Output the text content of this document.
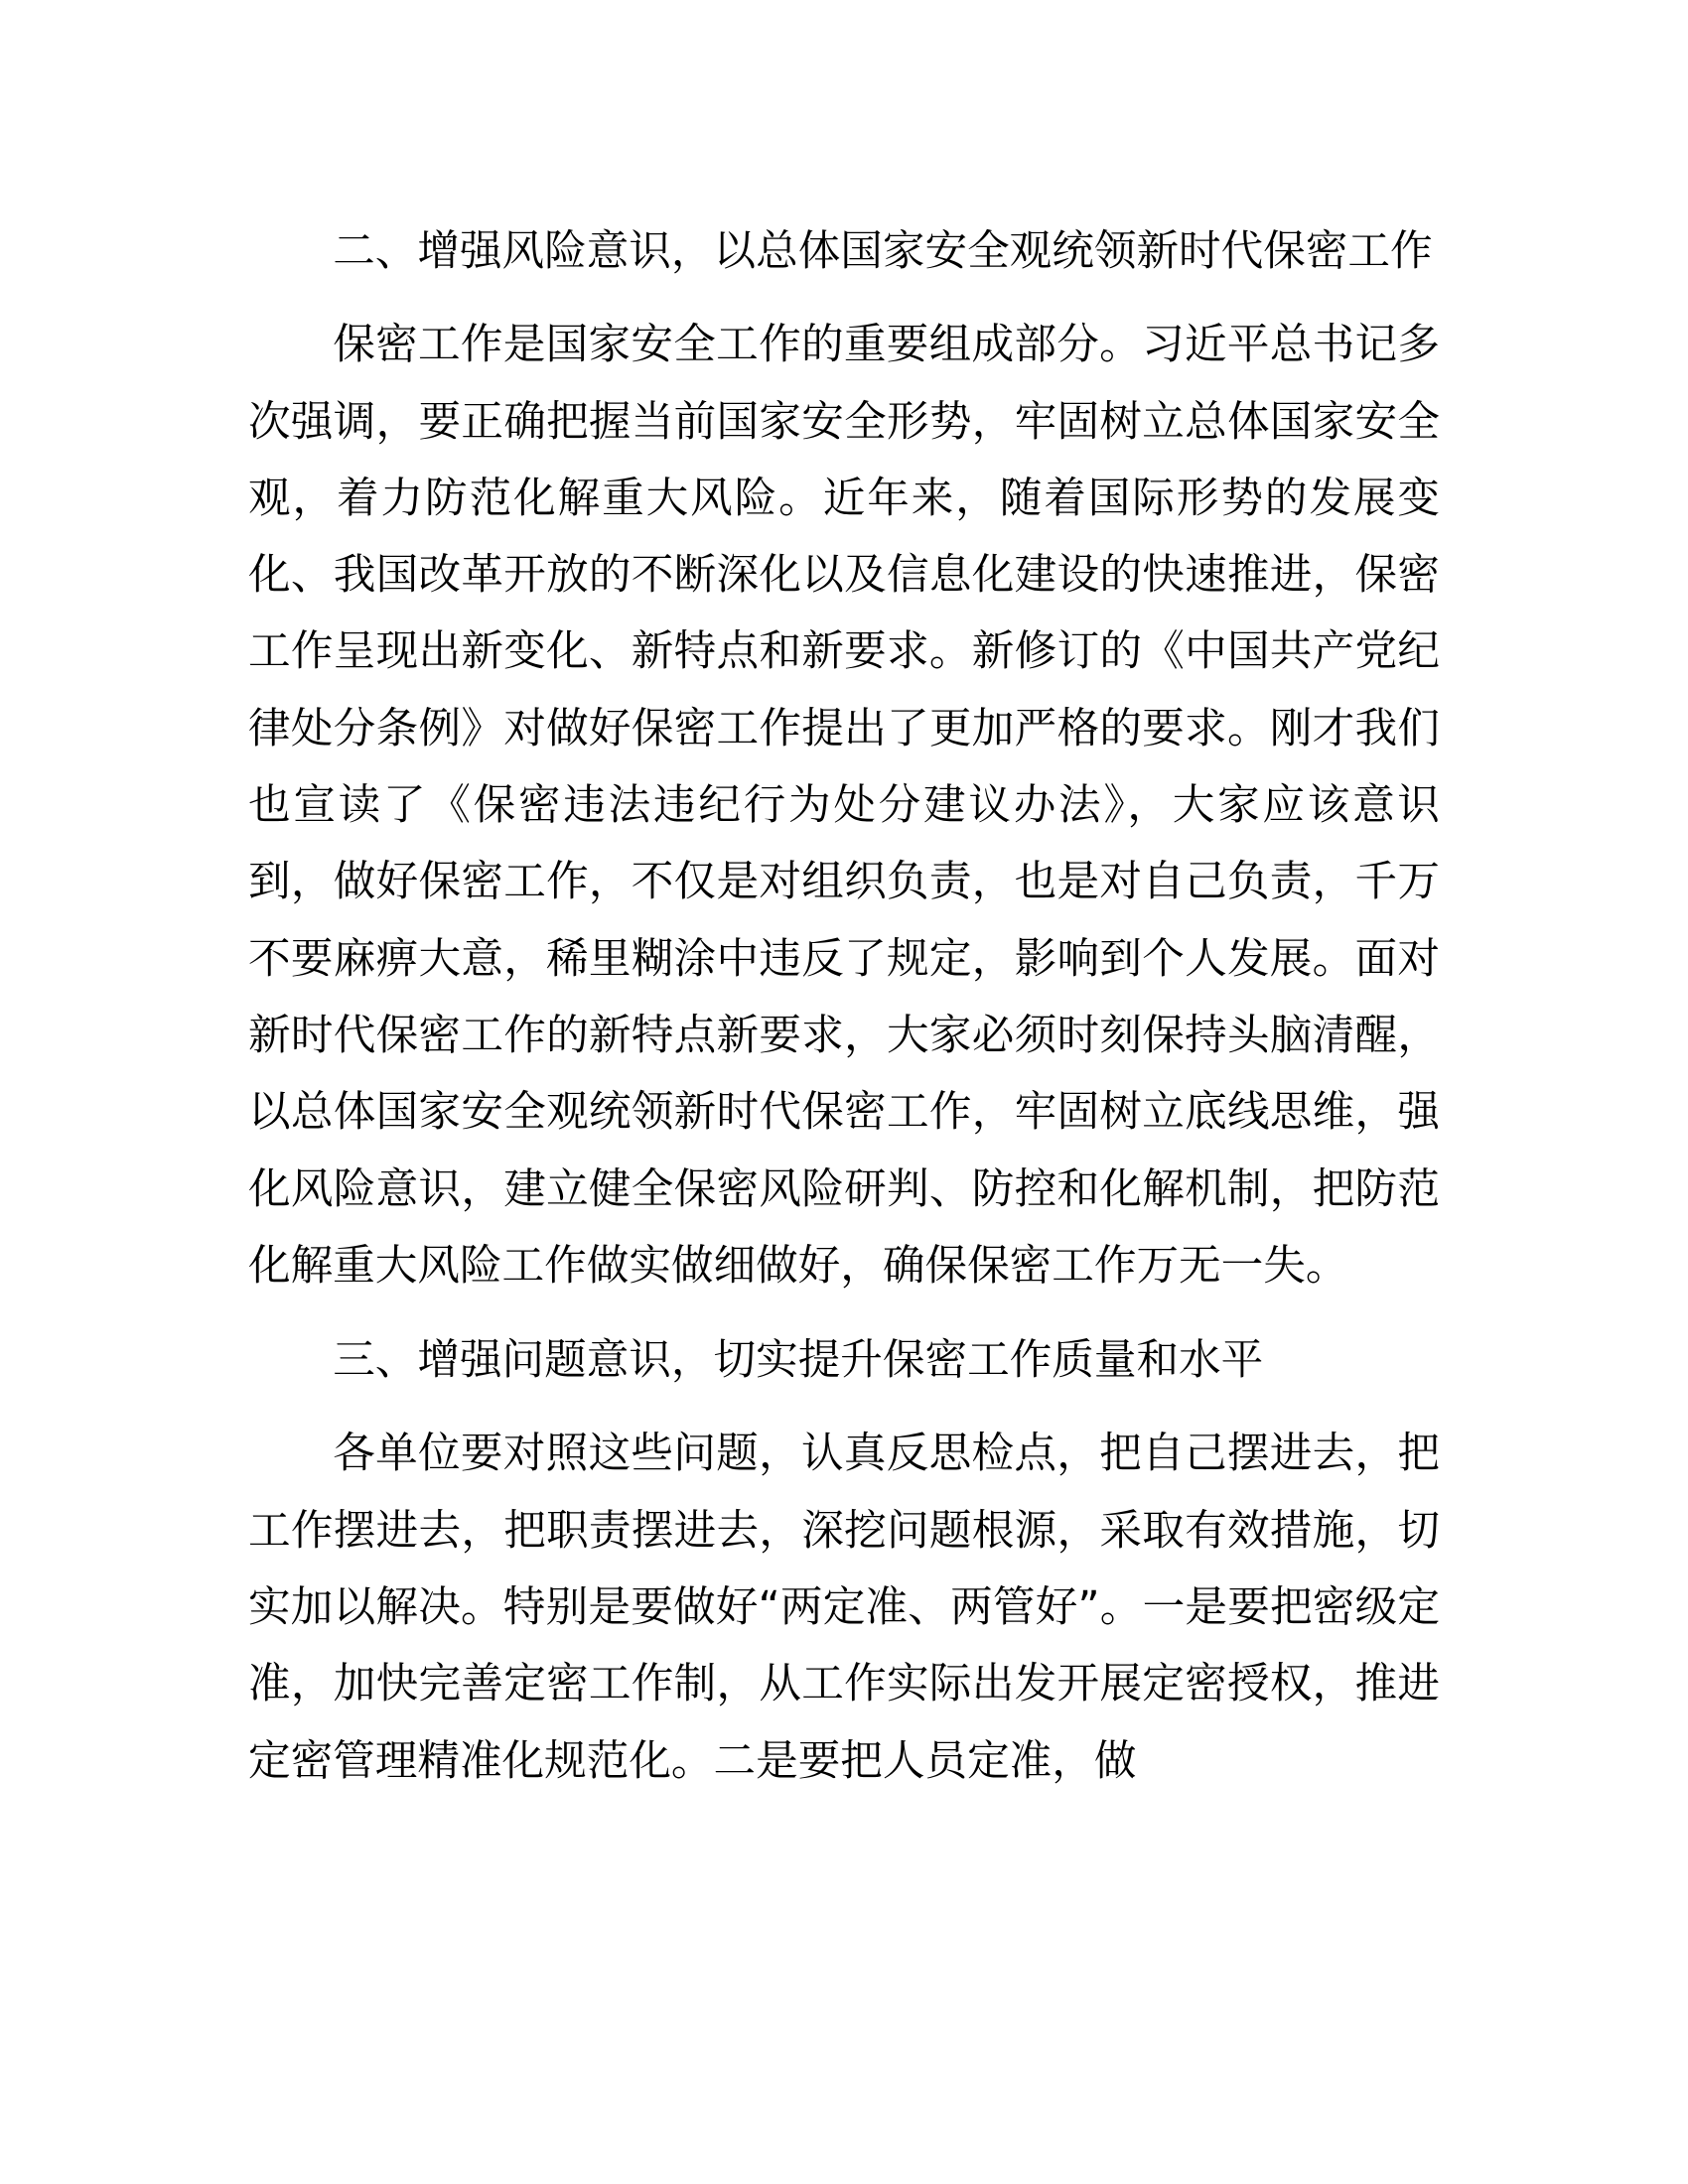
二、增强风险意识，以总体国家安全观统领新时代保密工作

保密工作是国家安全工作的重要组成部分。习近平总书记多次强调，要正确把握当前国家安全形势，牢固树立总体国家安全观，着力防范化解重大风险。近年来，随着国际形势的发展变化、我国改革开放的不断深化以及信息化建设的快速推进，保密工作呈现出新变化、新特点和新要求。新修订的《中国共产党纪律处分条例》对做好保密工作提出了更加严格的要求。刚才我们也宣读了《保密违法违纪行为处分建议办法》，大家应该意识到，做好保密工作，不仅是对组织负责，也是对自己负责，千万不要麻痹大意，稀里糊涂中违反了规定，影响到个人发展。面对新时代保密工作的新特点新要求，大家必须时刻保持头脑清醒，以总体国家安全观统领新时代保密工作，牢固树立底线思维，强化风险意识，建立健全保密风险研判、防控和化解机制，把防范化解重大风险工作做实做细做好，确保保密工作万无一失。

三、增强问题意识，切实提升保密工作质量和水平

各单位要对照这些问题，认真反思检点，把自己摆进去，把工作摆进去，把职责摆进去，深挖问题根源，采取有效措施，切实加以解决。特别是要做好“两定准、两管好”。一是要把密级定准，加快完善定密工作制，从工作实际出发开展定密授权，推进定密管理精准化规范化。二是要把人员定准，做
